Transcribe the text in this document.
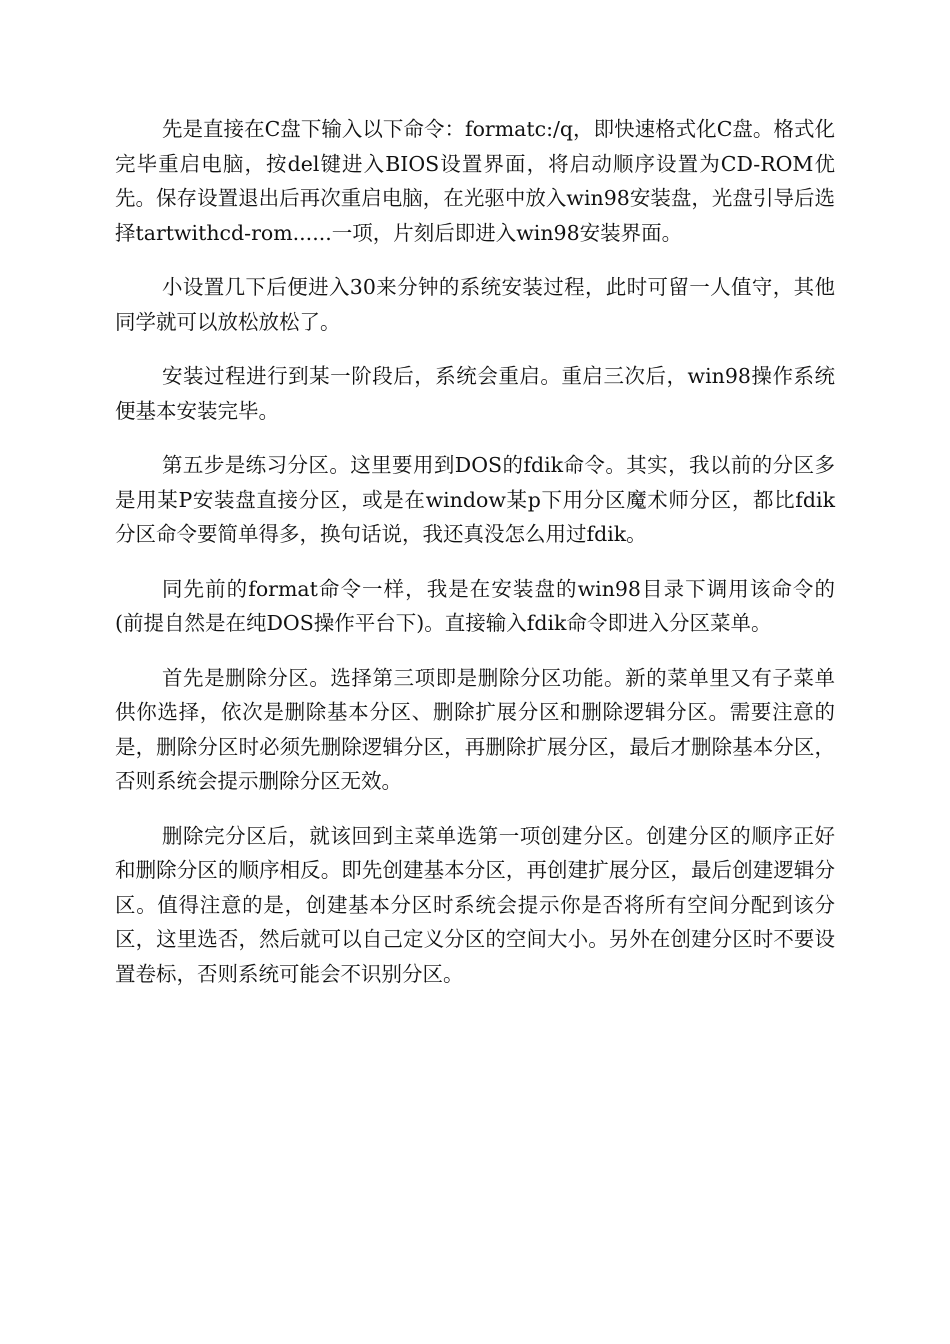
先是直接在C盘下输入以下命令：formatc:/q，即快速格式化C盘。格式化完毕重启电脑，按del键进入BIOS设置界面，将启动顺序设置为CD-ROM优先。保存设置退出后再次重启电脑，在光驱中放入win98安装盘，光盘引导后选择tartwithcd-rom......一项，片刻后即进入win98安装界面。

小设置几下后便进入30来分钟的系统安装过程，此时可留一人值守，其他同学就可以放松放松了。

安装过程进行到某一阶段后，系统会重启。重启三次后，win98操作系统便基本安装完毕。

第五步是练习分区。这里要用到DOS的fdik命令。其实，我以前的分区多是用某P安装盘直接分区，或是在window某p下用分区魔术师分区，都比fdik分区命令要简单得多，换句话说，我还真没怎么用过fdik。

同先前的format命令一样，我是在安装盘的win98目录下调用该命令的(前提自然是在纯DOS操作平台下)。直接输入fdik命令即进入分区菜单。

首先是删除分区。选择第三项即是删除分区功能。新的菜单里又有子菜单供你选择，依次是删除基本分区、删除扩展分区和删除逻辑分区。需要注意的是，删除分区时必须先删除逻辑分区，再删除扩展分区，最后才删除基本分区，否则系统会提示删除分区无效。

删除完分区后，就该回到主菜单选第一项创建分区。创建分区的顺序正好和删除分区的顺序相反。即先创建基本分区，再创建扩展分区，最后创建逻辑分区。值得注意的是，创建基本分区时系统会提示你是否将所有空间分配到该分区，这里选否，然后就可以自己定义分区的空间大小。另外在创建分区时不要设置卷标，否则系统可能会不识别分区。
